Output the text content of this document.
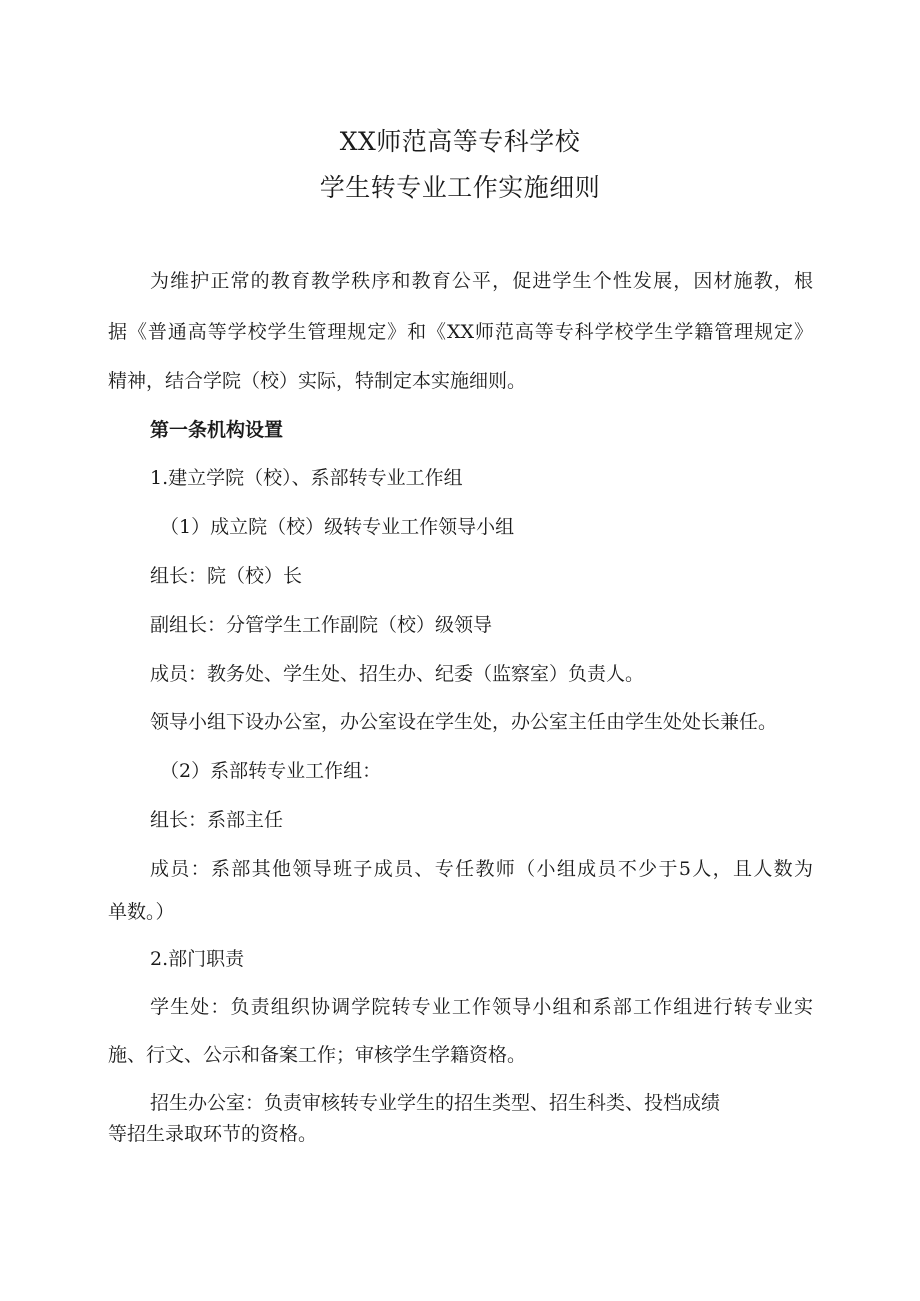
XX师范高等专科学校
学生转专业工作实施细则
为维护正常的教育教学秩序和教育公平，促进学生个性发展，因材施教，根
据《普通高等学校学生管理规定》和《XX师范高等专科学校学生学籍管理规定》
精神，结合学院（校）实际，特制定本实施细则。
第一条机构设置
1.建立学院（校）、系部转专业工作组
（1）成立院（校）级转专业工作领导小组
组长：院（校）长
副组长：分管学生工作副院（校）级领导
成员：教务处、学生处、招生办、纪委（监察室）负责人。
领导小组下设办公室，办公室设在学生处，办公室主任由学生处处长兼任。
（2）系部转专业工作组：
组长：系部主任
成员：系部其他领导班子成员、专任教师（小组成员不少于5人，且人数为
单数。）
2.部门职责
学生处：负责组织协调学院转专业工作领导小组和系部工作组进行转专业实
施、行文、公示和备案工作；审核学生学籍资格。
招生办公室：负责审核转专业学生的招生类型、招生科类、投档成绩
等招生录取环节的资格。
